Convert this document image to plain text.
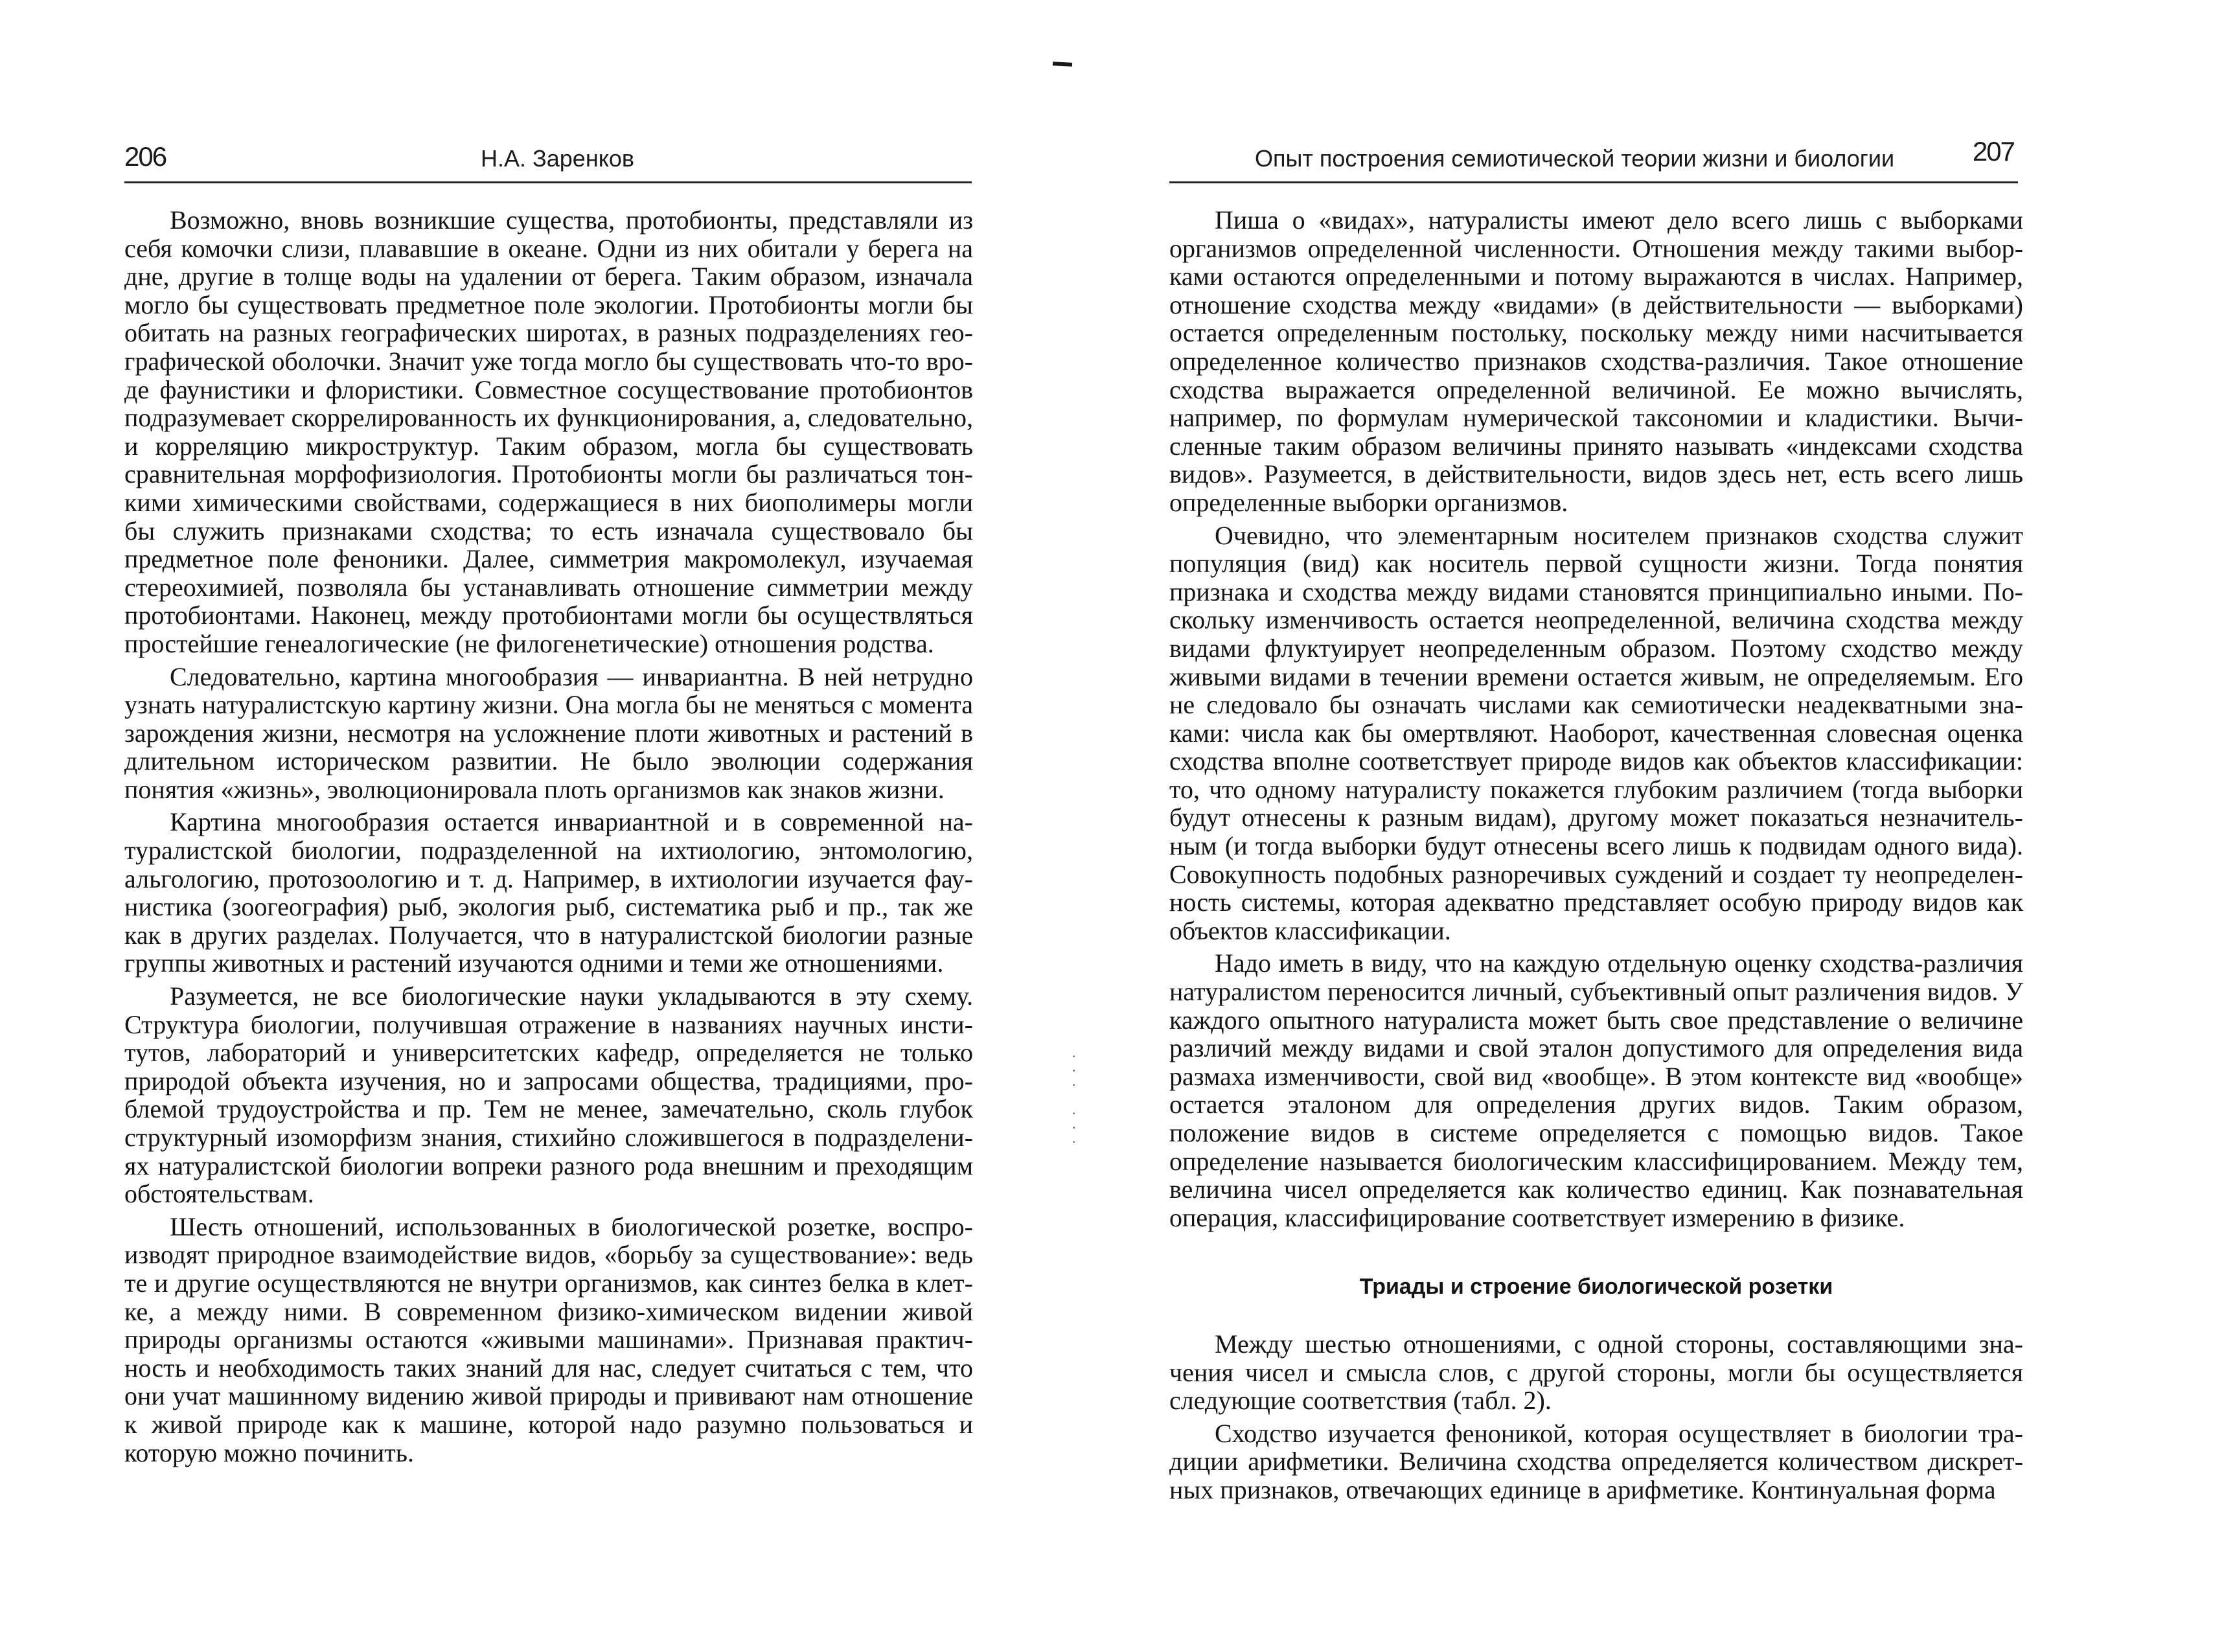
·
·
·

·
·
·
206	Н.А. Заренков

Возможно, вновь возникшие существа, протобионты, представляли из себя комочки слизи, плававшие в океане. Одни из них обитали у берега на дне, другие в толще воды на удалении от берега. Таким образом, изначала могло бы существовать предметное поле экологии. Протобионты могли бы обитать на разных географических широтах, в разных подразделениях географической оболочки. Значит уже тогда могло бы существовать что-то вроде фаунистики и флористики. Совместное сосуществование протобионтов подразумевает скоррелированность их функционирования, а, следовательно, и корреляцию микроструктур. Таким образом, могла бы существовать сравнительная морфофизиология. Протобионты могли бы различаться тонкими химическими свойствами, содержащиеся в них биополимеры могли бы служить признаками сходства; то есть изначала существовало бы предметное поле феноники. Далее, симметрия макромолекул, изучаемая стереохимией, позволяла бы устанавливать отношение симметрии между протобионтами. Наконец, между протобионтами могли бы осуществляться простейшие генеалогические (не филогенетические) отношения родства.

Следовательно, картина многообразия — инвариантна. В ней нетрудно узнать натуралистскую картину жизни. Она могла бы не меняться с момента зарождения жизни, несмотря на усложнение плоти животных и растений в длительном историческом развитии. Не было эволюции содержания понятия «жизнь», эволюционировала плоть организмов как знаков жизни.

Картина многообразия остается инвариантной и в современной натуралистской биологии, подразделенной на ихтиологию, энтомологию, альгологию, протозоологию и т. д. Например, в ихтиологии изучается фаунистика (зоогеография) рыб, экология рыб, систематика рыб и пр., так же как в других разделах. Получается, что в натуралистской биологии разные группы животных и растений изучаются одними и теми же отношениями.

Разумеется, не все биологические науки укладываются в эту схему. Структура биологии, получившая отражение в названиях научных институтов, лабораторий и университетских кафедр, определяется не только природой объекта изучения, но и запросами общества, традициями, проблемой трудоустройства и пр. Тем не менее, замечательно, сколь глубок структурный изоморфизм знания, стихийно сложившегося в подразделениях натуралистской биологии вопреки разного рода внешним и преходящим обстоятельствам.

Шесть отношений, использованных в биологической розетке, воспроизводят природное взаимодействие видов, «борьбу за существование»: ведь те и другие осуществляются не внутри организмов, как синтез белка в клетке, а между ними. В современном физико-химическом видении живой природы организмы остаются «живыми машинами». Признавая практичность и необходимость таких знаний для нас, следует считаться с тем, что они учат машинному видению живой природы и прививают нам отношение к живой природе как к машине, которой надо разумно пользоваться и которую можно починить.

Опыт построения семиотической теории жизни и биологии	207

Пиша о «видах», натуралисты имеют дело всего лишь с выборками организмов определенной численности. Отношения между такими выборками остаются определенными и потому выражаются в числах. Например, отношение сходства между «видами» (в действительности — выборками) остается определенным постольку, поскольку между ними насчитывается определенное количество признаков сходства-различия. Такое отношение сходства выражается определенной величиной. Ее можно вычислять, например, по формулам нумерической таксономии и кладистики. Вычисленные таким образом величины принято называть «индексами сходства видов». Разумеется, в действительности, видов здесь нет, есть всего лишь определенные выборки организмов.

Очевидно, что элементарным носителем признаков сходства служит популяция (вид) как носитель первой сущности жизни. Тогда понятия признака и сходства между видами становятся принципиально иными. Поскольку изменчивость остается неопределенной, величина сходства между видами флуктуирует неопределенным образом. Поэтому сходство между живыми видами в течении времени остается живым, не определяемым. Его не следовало бы означать числами как семиотически неадекватными знаками: числа как бы омертвляют. Наоборот, качественная словесная оценка сходства вполне соответствует природе видов как объектов классификации: то, что одному натуралисту покажется глубоким различием (тогда выборки будут отнесены к разным видам), другому может показаться незначительным (и тогда выборки будут отнесены всего лишь к подвидам одного вида). Совокупность подобных разноречивых суждений и создает ту неопределенность системы, которая адекватно представляет особую природу видов как объектов классификации.

Надо иметь в виду, что на каждую отдельную оценку сходства-различия натуралистом переносится личный, субъективный опыт различения видов. У каждого опытного натуралиста может быть свое представление о величине различий между видами и свой эталон допустимого для определения вида размаха изменчивости, свой вид «вообще». В этом контексте вид «вообще» остается эталоном для определения других видов. Таким образом, положение видов в системе определяется с помощью видов. Такое определение называется биологическим классифицированием. Между тем, величина чисел определяется как количество единиц. Как познавательная операция, классифицирование соответствует измерению в физике.

Триады и строение биологической розетки

Между шестью отношениями, с одной стороны, составляющими значения чисел и смысла слов, с другой стороны, могли бы осуществляется следующие соответствия (табл. 2).

Сходство изучается феноникой, которая осуществляет в биологии традиции арифметики. Величина сходства определяется количеством дискретных признаков, отвечающих единице в арифметике. Континуальная форма
